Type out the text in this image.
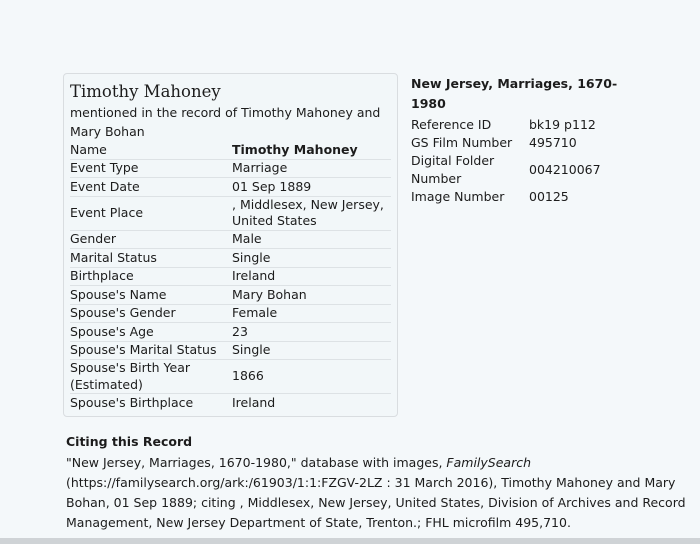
Timothy Mahoney
mentioned in the record of Timothy Mahoney and Mary Bohan
Name	Timothy Mahoney
Event Type	Marriage
Event Date	01 Sep 1889
Event Place	, Middlesex, New Jersey, United States
Gender	Male
Marital Status	Single
Birthplace	Ireland
Spouse's Name	Mary Bohan
Spouse's Gender	Female
Spouse's Age	23
Spouse's Marital Status	Single
Spouse's Birth Year (Estimated)	1866
Spouse's Birthplace	Ireland
New Jersey, Marriages, 1670-1980
Reference ID	bk19 p112
GS Film Number	495710
Digital Folder Number	004210067
Image Number	00125
Citing this Record

"New Jersey, Marriages, 1670-1980," database with images, FamilySearch (https://familysearch.org/ark:/61903/1:1:FZGV-2LZ : 31 March 2016), Timothy Mahoney and Mary Bohan, 01 Sep 1889; citing , Middlesex, New Jersey, United States, Division of Archives and Record Management, New Jersey Department of State, Trenton.; FHL microfilm 495,710.
